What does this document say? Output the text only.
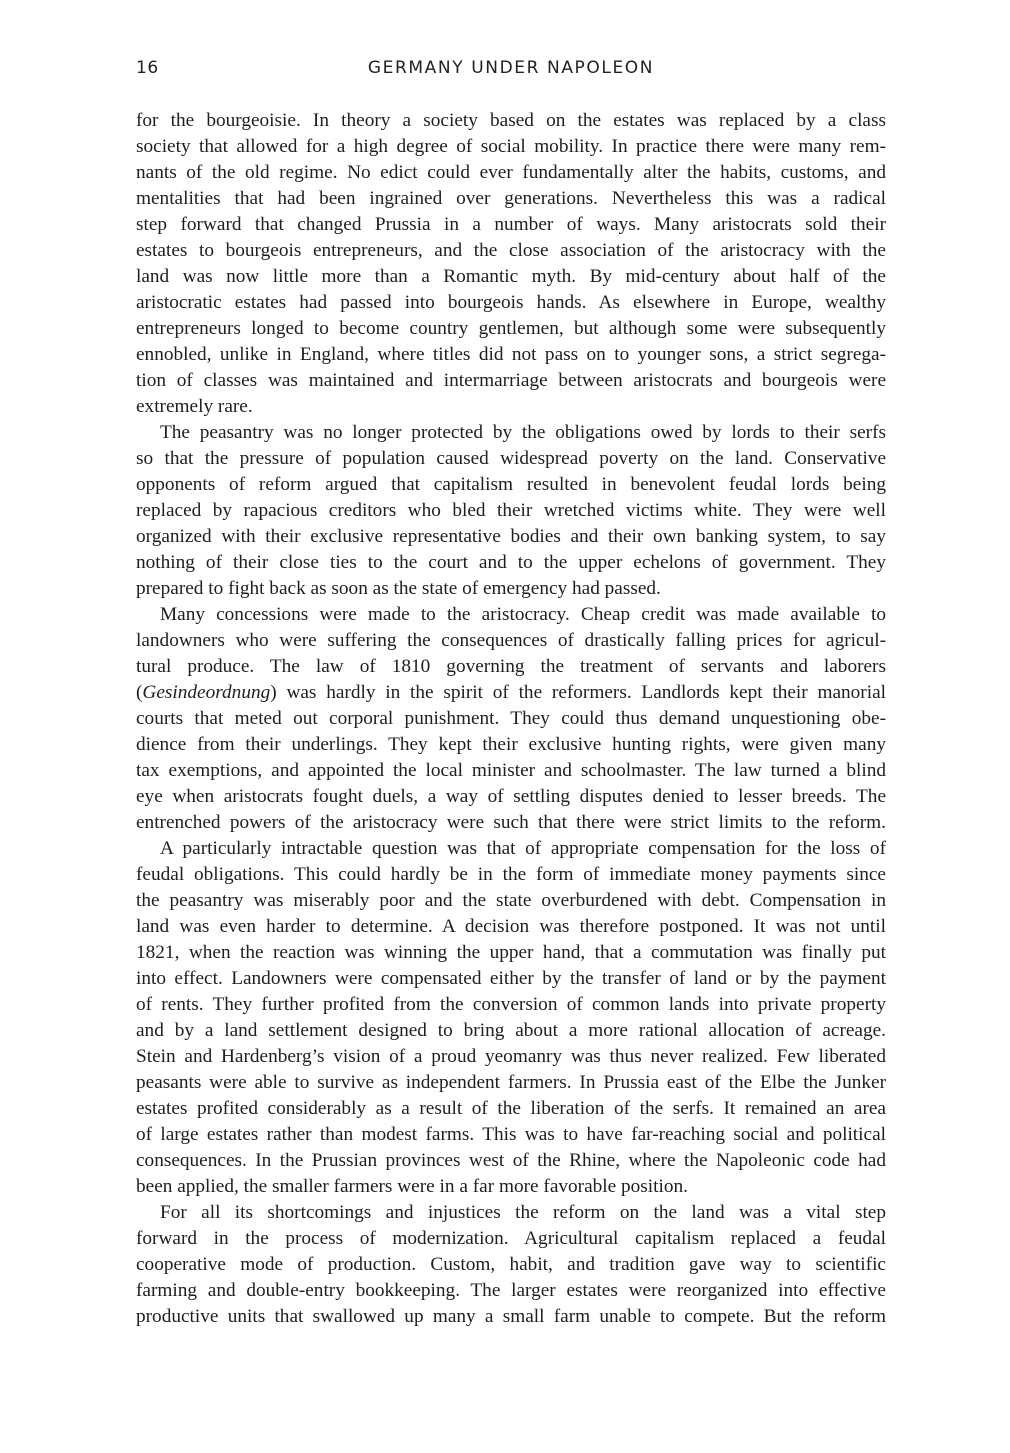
16	GERMANY UNDER NAPOLEON
for the bourgeoisie. In theory a society based on the estates was replaced by a class
society that allowed for a high degree of social mobility. In practice there were many rem-
nants of the old regime. No edict could ever fundamentally alter the habits, customs, and
mentalities that had been ingrained over generations. Nevertheless this was a radical
step forward that changed Prussia in a number of ways. Many aristocrats sold their
estates to bourgeois entrepreneurs, and the close association of the aristocracy with the
land was now little more than a Romantic myth. By mid-century about half of the
aristocratic estates had passed into bourgeois hands. As elsewhere in Europe, wealthy
entrepreneurs longed to become country gentlemen, but although some were subsequently
ennobled, unlike in England, where titles did not pass on to younger sons, a strict segrega-
tion of classes was maintained and intermarriage between aristocrats and bourgeois were
extremely rare.
The peasantry was no longer protected by the obligations owed by lords to their serfs
so that the pressure of population caused widespread poverty on the land. Conservative
opponents of reform argued that capitalism resulted in benevolent feudal lords being
replaced by rapacious creditors who bled their wretched victims white. They were well
organized with their exclusive representative bodies and their own banking system, to say
nothing of their close ties to the court and to the upper echelons of government. They
prepared to fight back as soon as the state of emergency had passed.
Many concessions were made to the aristocracy. Cheap credit was made available to
landowners who were suffering the consequences of drastically falling prices for agricul-
tural produce. The law of 1810 governing the treatment of servants and laborers
(Gesindeordnung) was hardly in the spirit of the reformers. Landlords kept their manorial
courts that meted out corporal punishment. They could thus demand unquestioning obe-
dience from their underlings. They kept their exclusive hunting rights, were given many
tax exemptions, and appointed the local minister and schoolmaster. The law turned a blind
eye when aristocrats fought duels, a way of settling disputes denied to lesser breeds. The
entrenched powers of the aristocracy were such that there were strict limits to the reform.
A particularly intractable question was that of appropriate compensation for the loss of
feudal obligations. This could hardly be in the form of immediate money payments since
the peasantry was miserably poor and the state overburdened with debt. Compensation in
land was even harder to determine. A decision was therefore postponed. It was not until
1821, when the reaction was winning the upper hand, that a commutation was finally put
into effect. Landowners were compensated either by the transfer of land or by the payment
of rents. They further profited from the conversion of common lands into private property
and by a land settlement designed to bring about a more rational allocation of acreage.
Stein and Hardenberg’s vision of a proud yeomanry was thus never realized. Few liberated
peasants were able to survive as independent farmers. In Prussia east of the Elbe the Junker
estates profited considerably as a result of the liberation of the serfs. It remained an area
of large estates rather than modest farms. This was to have far-reaching social and political
consequences. In the Prussian provinces west of the Rhine, where the Napoleonic code had
been applied, the smaller farmers were in a far more favorable position.
For all its shortcomings and injustices the reform on the land was a vital step
forward in the process of modernization. Agricultural capitalism replaced a feudal
cooperative mode of production. Custom, habit, and tradition gave way to scientific
farming and double-entry bookkeeping. The larger estates were reorganized into effective
productive units that swallowed up many a small farm unable to compete. But the reform
